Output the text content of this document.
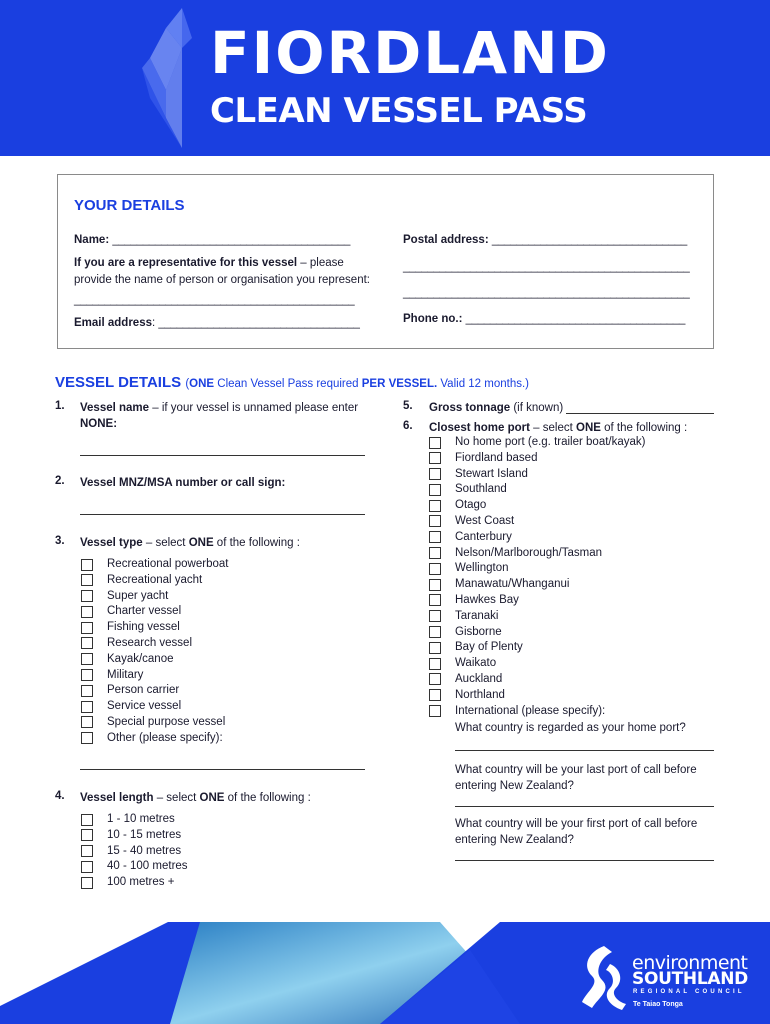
FIORDLAND
CLEAN VESSEL PASS
YOUR DETAILS
Name: _______________________________________
If you are a representative for this vessel – please
provide the name of person or organisation you represent:
______________________________________________
Email address: _________________________________
Postal address: ________________________________
_______________________________________________
_______________________________________________
Phone no.: ____________________________________
VESSEL DETAILS (ONE Clean Vessel Pass required PER VESSEL. Valid 12 months.)
1. Vessel name – if your vessel is unnamed please enter
NONE:
2. Vessel MNZ/MSA number or call sign:
3. Vessel type – select ONE of the following :
Recreational powerboat
Recreational yacht
Super yacht
Charter vessel
Fishing vessel
Research vessel
Kayak/canoe
Military
Person carrier
Service vessel
Special purpose vessel
Other (please specify):
4. Vessel length – select ONE of the following :
1 - 10 metres
10 - 15 metres
15 - 40 metres
40 - 100 metres
100 metres +
5. Gross tonnage (if known)
6. Closest home port – select ONE of the following :
No home port (e.g. trailer boat/kayak)
Fiordland based
Stewart Island
Southland
Otago
West Coast
Canterbury
Nelson/Marlborough/Tasman
Wellington
Manawatu/Whanganui
Hawkes Bay
Taranaki
Gisborne
Bay of Plenty
Waikato
Auckland
Northland
International (please specify):
What country is regarded as your home port?
What country will be your last port of call before
entering New Zealand?
What country will be your first port of call before
entering New Zealand?
environment
SOUTHLAND
REGIONAL COUNCIL
Te Taiao Tonga
